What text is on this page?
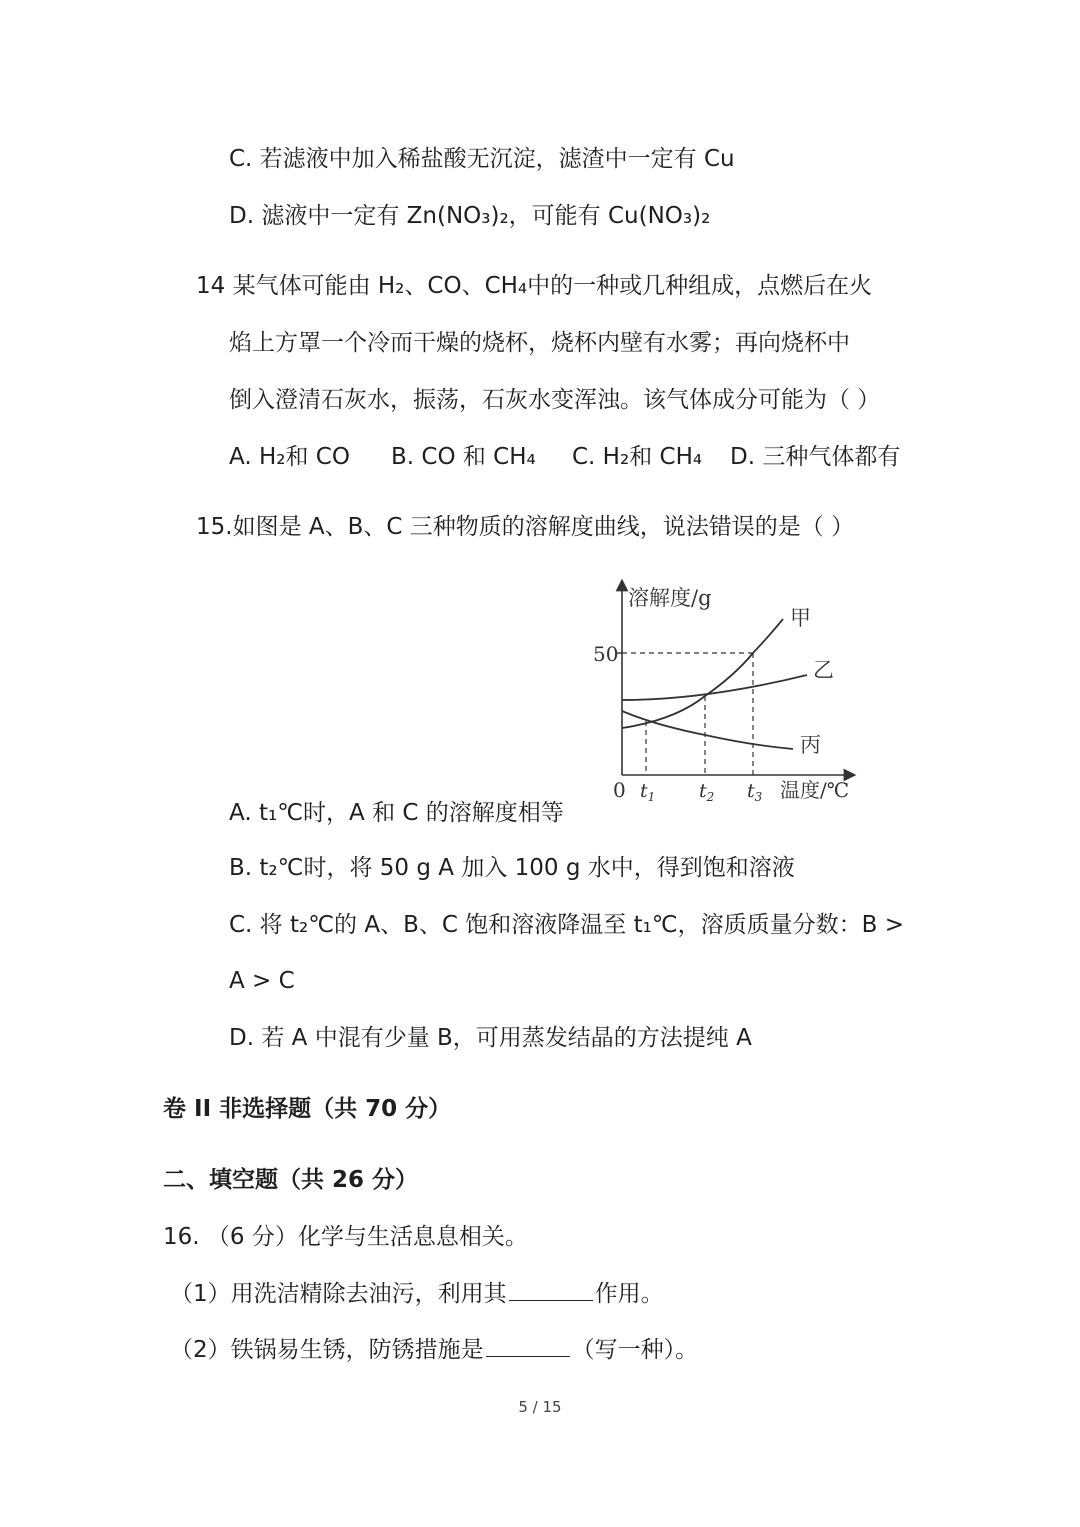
C. 若滤液中加入稀盐酸无沉淀，滤渣中一定有 Cu
D. 滤液中一定有 Zn(NO₃)₂，可能有 Cu(NO₃)₂
14 某气体可能由 H₂、CO、CH₄中的一种或几种组成，点燃后在火
焰上方罩一个冷而干燥的烧杯，烧杯内壁有水雾；再向烧杯中
倒入澄清石灰水，振荡，石灰水变浑浊。该气体成分可能为（ ）
A. H₂和 CO B. CO 和 CH₄ C. H₂和 CH₄ D. 三种气体都有
15.如图是 A、B、C 三种物质的溶解度曲线，说法错误的是（ ）
溶解度/g
50
甲
乙
丙
0 $t_1$ $t_2$ $t_3$ 温度/℃
A. t₁℃时，A 和 C 的溶解度相等
B. t₂℃时，将 50 g A 加入 100 g 水中，得到饱和溶液
C. 将 t₂℃的 A、B、C 饱和溶液降温至 t₁℃，溶质质量分数：B >
A > C
D. 若 A 中混有少量 B，可用蒸发结晶的方法提纯 A
卷 II 非选择题（共 70 分）
二、填空题（共 26 分）
16. （6 分）化学与生活息息相关。
（1）用洗洁精除去油污，利用其	作用。
（2）铁锅易生锈，防锈措施是	（写一种）。
5 / 15
